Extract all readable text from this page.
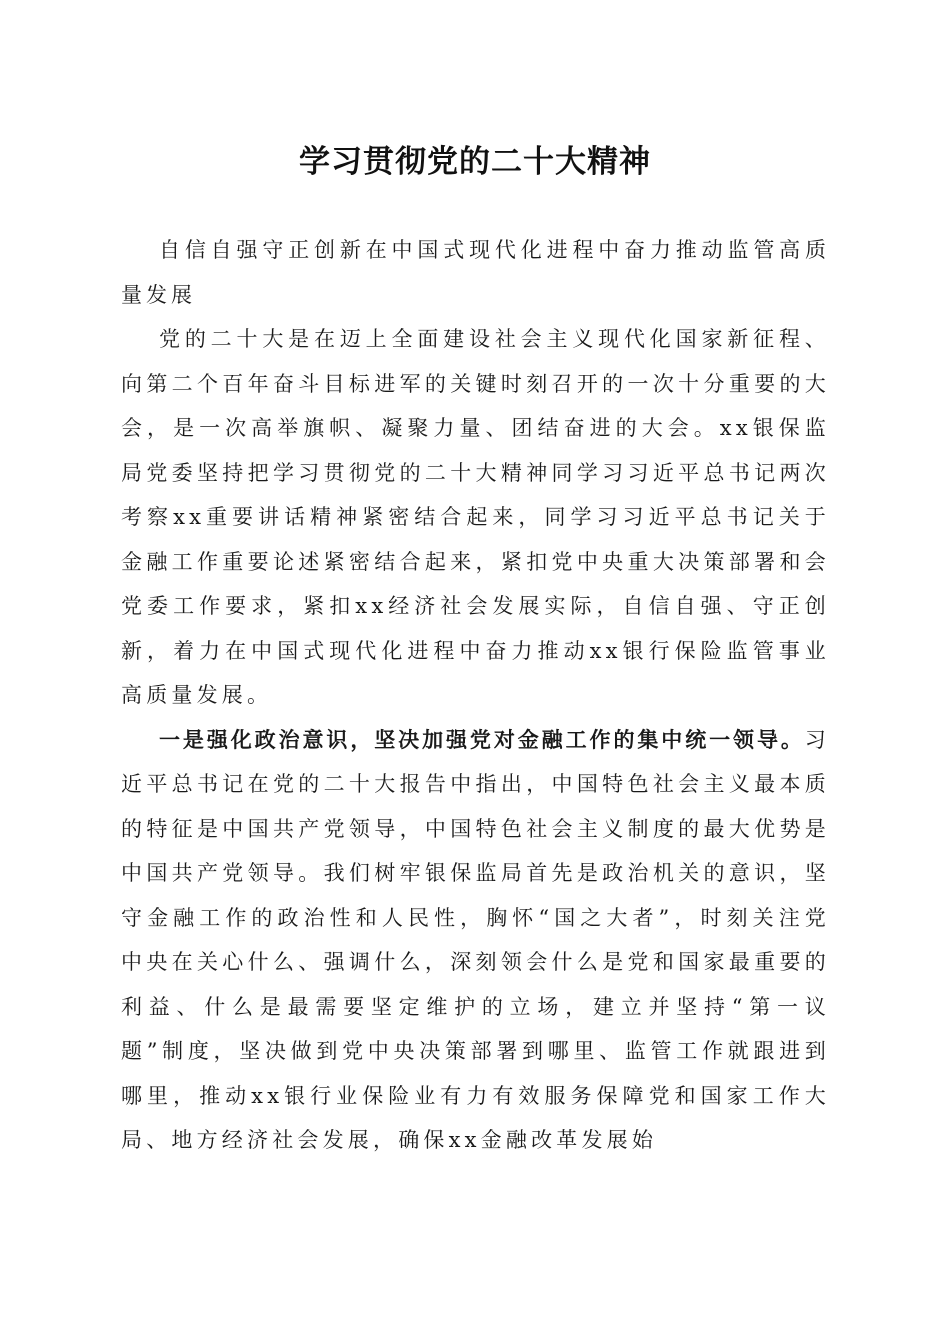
学习贯彻党的二十大精神

自信自强守正创新在中国式现代化进程中奋力推动监管高质量发展

党的二十大是在迈上全面建设社会主义现代化国家新征程、向第二个百年奋斗目标进军的关键时刻召开的一次十分重要的大会，是一次高举旗帜、凝聚力量、团结奋进的大会。xx银保监局党委坚持把学习贯彻党的二十大精神同学习习近平总书记两次考察xx重要讲话精神紧密结合起来，同学习习近平总书记关于金融工作重要论述紧密结合起来，紧扣党中央重大决策部署和会党委工作要求，紧扣xx经济社会发展实际，自信自强、守正创新，着力在中国式现代化进程中奋力推动xx银行保险监管事业高质量发展。

一是强化政治意识，坚决加强党对金融工作的集中统一领导。习近平总书记在党的二十大报告中指出，中国特色社会主义最本质的特征是中国共产党领导，中国特色社会主义制度的最大优势是中国共产党领导。我们树牢银保监局首先是政治机关的意识，坚守金融工作的政治性和人民性，胸怀“国之大者”，时刻关注党中央在关心什么、强调什么，深刻领会什么是党和国家最重要的利益、什么是最需要坚定维护的立场，建立并坚持“第一议题”制度，坚决做到党中央决策部署到哪里、监管工作就跟进到哪里，推动xx银行业保险业有力有效服务保障党和国家工作大局、地方经济社会发展，确保xx金融改革发展始
